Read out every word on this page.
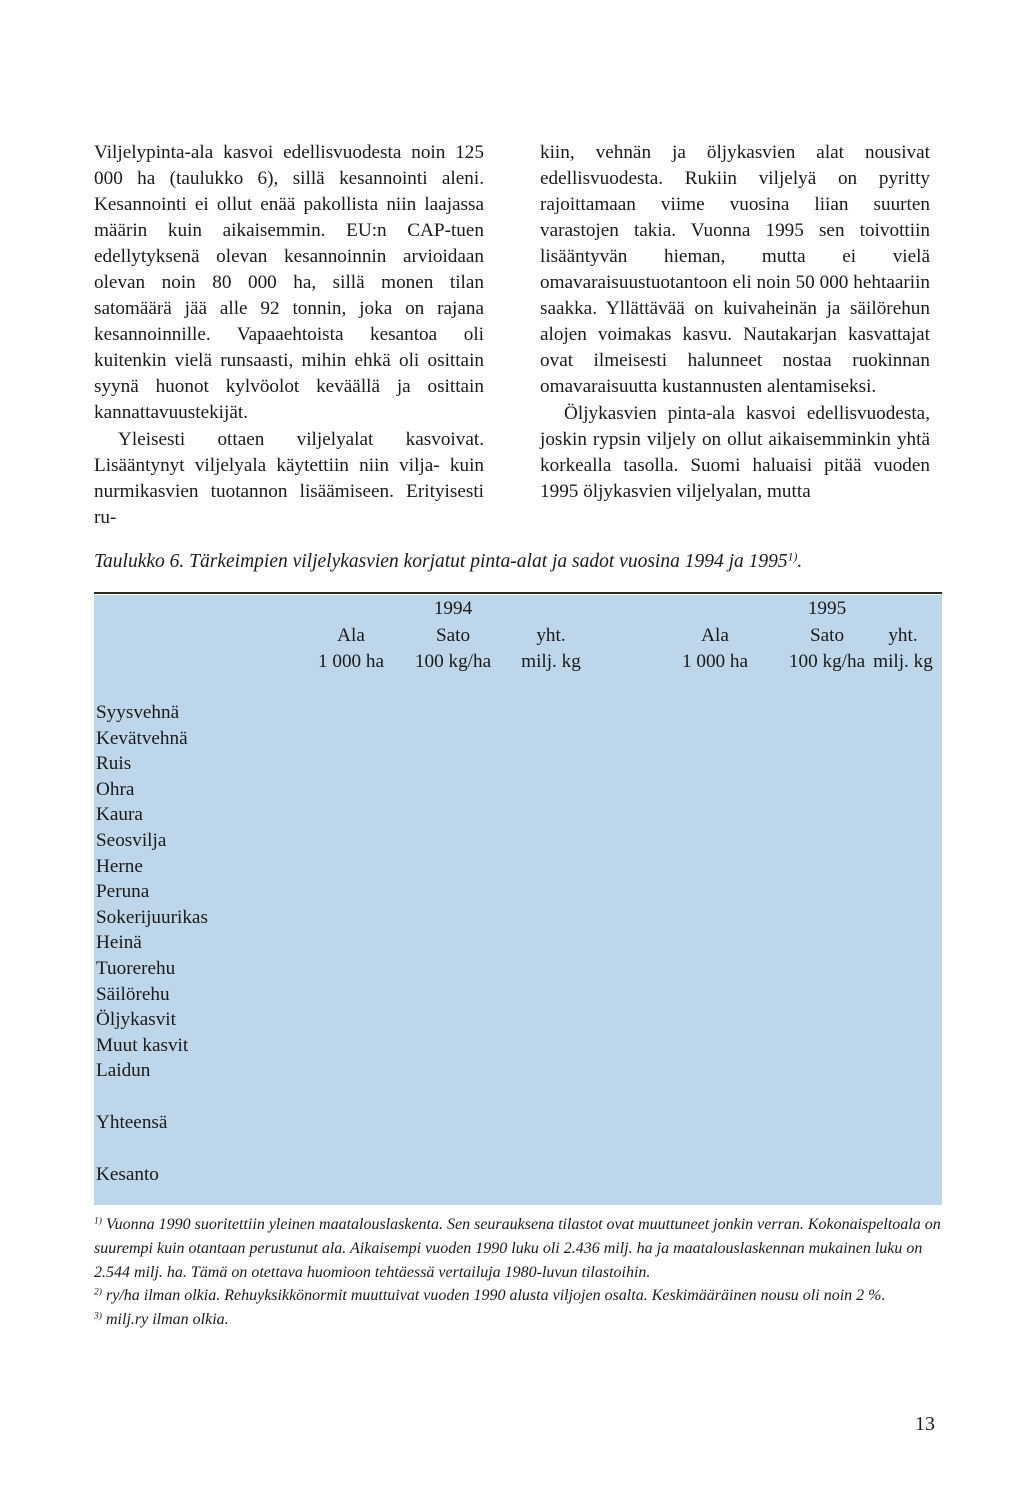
Viljelypinta-ala kasvoi edellisvuodesta noin 125 000 ha (taulukko 6), sillä kesannointi aleni. Kesannointi ei ollut enää pakollista niin laajassa määrin kuin aikaisemmin. EU:n CAP-tuen edellytyksenä olevan kesannoinnin arvioidaan olevan noin 80 000 ha, sillä monen tilan satomäärä jää alle 92 tonnin, joka on rajana kesannoinnille. Vapaaehtoista kesantoa oli kuitenkin vielä runsaasti, mihin ehkä oli osittain syynä huonot kylvöolot keväällä ja osittain kannattavuustekijät.

Yleisesti ottaen viljelyalat kasvoivat. Lisääntynyt viljelyala käytettiin niin vilja- kuin nurmikasvien tuotannon lisäämiseen. Erityisesti ru-

kiin, vehnän ja öljykasvien alat nousivat edellisvuodesta. Rukiin viljelyä on pyritty rajoittamaan viime vuosina liian suurten varastojen takia. Vuonna 1995 sen toivottiin lisääntyvän hieman, mutta ei vielä omavaraisuustuotantoon eli noin 50 000 hehtaariin saakka. Yllättävää on kuivaheinän ja säilörehun alojen voimakas kasvu. Nautakarjan kasvattajat ovat ilmeisesti halunneet nostaa ruokinnan omavaraisuutta kustannusten alentamiseksi.

Öljykasvien pinta-ala kasvoi edellisvuodesta, joskin rypsin viljely on ollut aikaisemminkin yhtä korkealla tasolla. Suomi haluaisi pitää vuoden 1995 öljykasvien viljelyalan, mutta

Taulukko 6. Tärkeimpien viljelykasvien korjatut pinta-alat ja sadot vuosina 1994 ja 1995$^{1)}$.
1994	1995
Ala	Sato	yht.	Ala	Sato	yht.
1 000 ha	100 kg/ha	milj. kg	1 000 ha	100 kg/ha milj. kg
Syysvehnä
Kevätvehnä
Ruis
Ohra
Kaura
Seosvilja
Herne
Peruna
Sokerijuurikas
Heinä
Tuorerehu
Säilörehu
Öljykasvit
Muut kasvit
Laidun
Yhteensä
Kesanto

$^{1)}$ Vuonna 1990 suoritettiin yleinen maatalouslaskenta. Sen seurauksena tilastot ovat muuttuneet jonkin verran. Kokonaispeltoala on suurempi kuin otantaan perustunut ala. Aikaisempi vuoden 1990 luku oli 2.436 milj. ha ja maatalouslaskennan mukainen luku on 2.544 milj. ha. Tämä on otettava huomioon tehtäessä vertailuja 1980-luvun tilastoihin.

$^{2)}$ ry/ha ilman olkia. Rehuyksikkönormit muuttuivat vuoden 1990 alusta viljojen osalta. Keskimääräinen nousu oli noin 2 %.

$^{3)}$ milj.ry ilman olkia.

13
